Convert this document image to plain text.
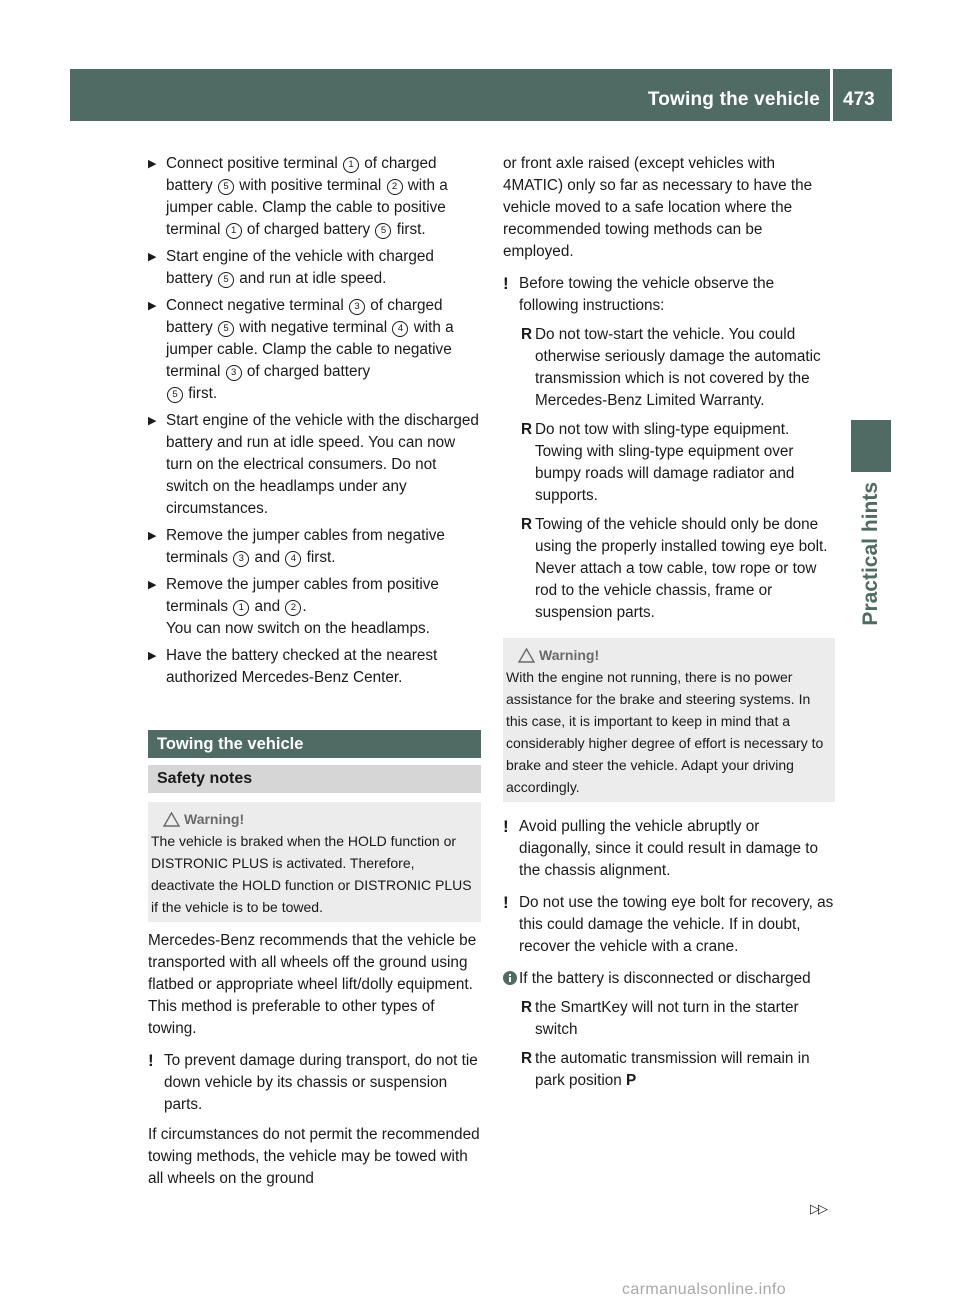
Towing the vehicle 473
Practical hints
▶ Connect positive terminal 1 of charged battery 5 with positive terminal 2 with a jumper cable. Clamp the cable to positive terminal 1 of charged battery 5 first.
▶ Start engine of the vehicle with charged battery 5 and run at idle speed.
▶ Connect negative terminal 3 of charged battery 5 with negative terminal 4 with a jumper cable. Clamp the cable to negative terminal 3 of charged battery
5 first.
▶ Start engine of the vehicle with the discharged battery and run at idle speed. You can now turn on the electrical consumers. Do not switch on the headlamps under any circumstances.
▶ Remove the jumper cables from negative terminals 3 and 4 first.
▶ Remove the jumper cables from positive terminals 1 and 2 .
You can now switch on the headlamps.
▶ Have the battery checked at the nearest authorized Mercedes-Benz Center.
Towing the vehicle
Safety notes
Warning!
The vehicle is braked when the HOLD function or DISTRONIC PLUS is activated. Therefore, deactivate the HOLD function or DISTRONIC PLUS if the vehicle is to be towed.
Mercedes-Benz recommends that the vehicle be transported with all wheels off the ground using flatbed or appropriate wheel lift/dolly equipment. This method is preferable to other types of towing.
! To prevent damage during transport, do not tie down vehicle by its chassis or suspension parts.
If circumstances do not permit the recommended towing methods, the vehicle may be towed with all wheels on the ground
or front axle raised (except vehicles with 4MATIC) only so far as necessary to have the vehicle moved to a safe location where the recommended towing methods can be employed.
! Before towing the vehicle observe the following instructions:
R Do not tow-start the vehicle. You could otherwise seriously damage the automatic transmission which is not covered by the Mercedes-Benz Limited Warranty.
R Do not tow with sling-type equipment. Towing with sling-type equipment over bumpy roads will damage radiator and supports.
R Towing of the vehicle should only be done using the properly installed towing eye bolt. Never attach a tow cable, tow rope or tow rod to the vehicle chassis, frame or suspension parts.
Warning!
With the engine not running, there is no power assistance for the brake and steering systems. In this case, it is important to keep in mind that a considerably higher degree of effort is necessary to brake and steer the vehicle. Adapt your driving accordingly.
! Avoid pulling the vehicle abruptly or diagonally, since it could result in damage to the chassis alignment.
! Do not use the towing eye bolt for recovery, as this could damage the vehicle. If in doubt, recover the vehicle with a crane.
If the battery is disconnected or discharged
R the SmartKey will not turn in the starter switch
R the automatic transmission will remain in park position P
▷▷
carmanualsonline.info
